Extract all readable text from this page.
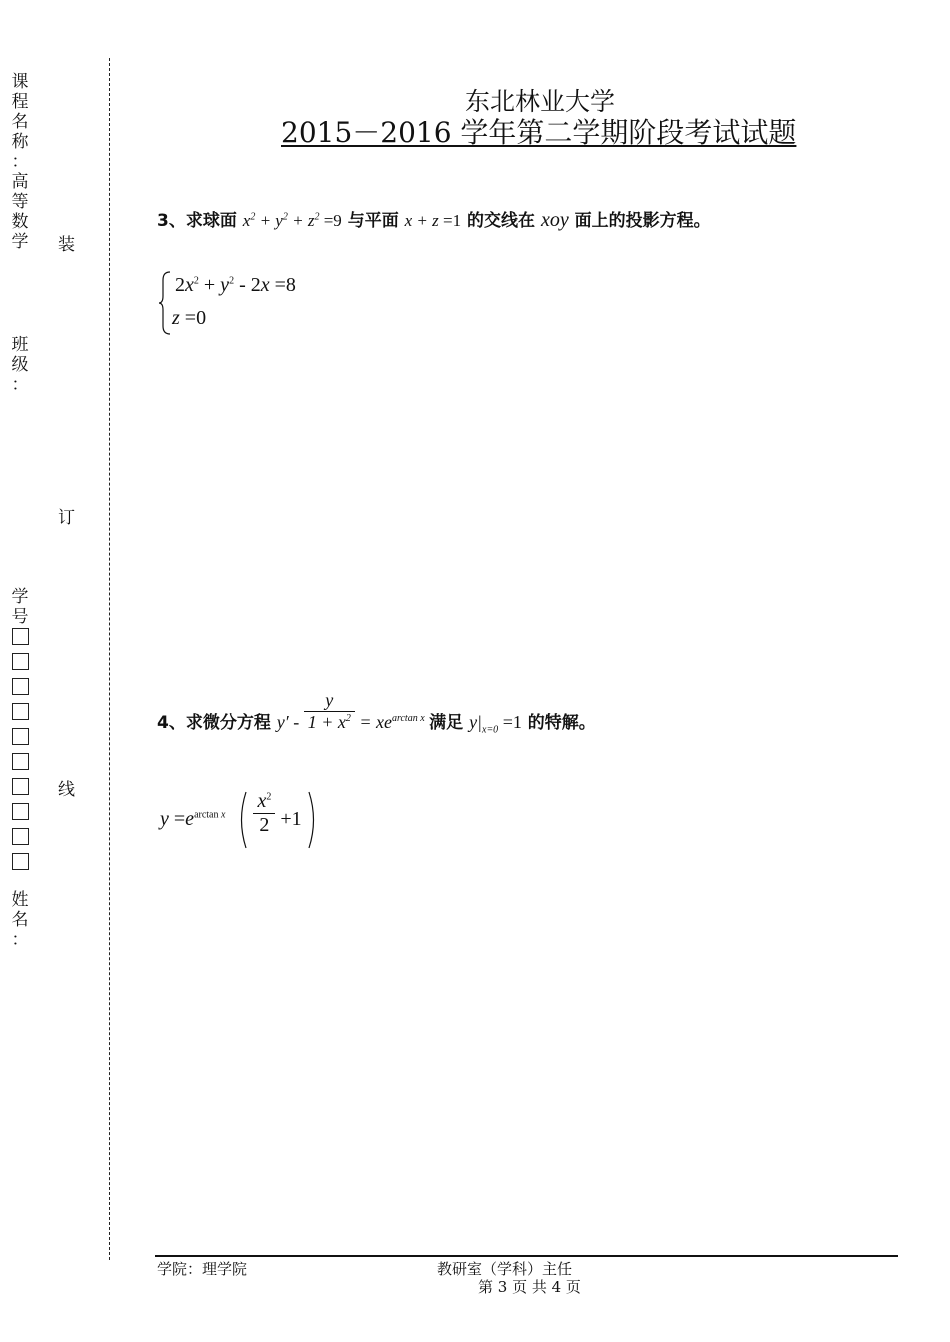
课
程
名
称
：
高
等
数
学
班
级
：
学
号
姓
名
：
装
订
线
东北林业大学
2015－2016 学年第二学期阶段考试试题
3、求球面 $x^2 + y^2 + z^2 =9$ 与平面 x + z =1 的交线在 xoy 面上的投影方程。
$2x^2 + y^2 - 2x =8$
z =0
4、求微分方程 $y' - \frac{y}{1 + x^2} = xe^{arctan x}$ 满足 $y|_{x=0} =1$ 的特解。
$y =e^{arctan x} \frac{x^2}{2} +1$
学院：理学院	教研室（学科）主任
第 3 页 共 4 页
